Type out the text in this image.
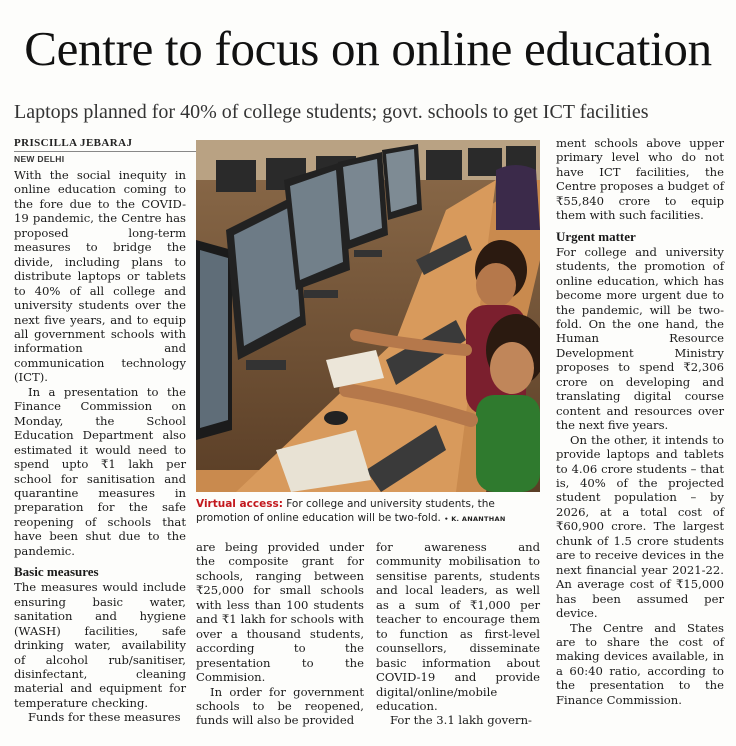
Centre to focus on online education
Laptops planned for 40% of college students; govt. schools to get ICT facilities
PRISCILLA JEBARAJ
NEW DELHI

With the social inequity in online education coming to the fore due to the COVID-19 pandemic, the Centre has proposed long-term measures to bridge the divide, including plans to distribute laptops or tablets to 40% of all college and university students over the next five years, and to equip all government schools with information and communication technology (ICT).

In a presentation to the Finance Commission on Monday, the School Education Department also estimated it would need to spend upto ₹1 lakh per school for sanitisation and quarantine measures in preparation for the safe reopening of schools that have been shut due to the pandemic.

Basic measures

The measures would include ensuring basic water, sanitation and hygiene (WASH) facilities, safe drinking water, availability of alcohol rub/sanitiser, disinfectant, cleaning material and equipment for temperature checking.

Funds for these measures

Virtual access: For college and university students, the promotion of online education will be two-fold. • K. ANANTHAN

are being provided under the composite grant for schools, ranging between ₹25,000 for small schools with less than 100 students and ₹1 lakh for schools with over a thousand students, according to the presentation to the Commision.

In order for government schools to be reopened, funds will also be provided

for awareness and community mobilisation to sensitise parents, students and local leaders, as well as a sum of ₹1,000 per teacher to encourage them to function as first-level counsellors, disseminate basic information about COVID-19 and provide digital/online/mobile education.

For the 3.1 lakh govern-

ment schools above upper primary level who do not have ICT facilities, the Centre proposes a budget of ₹55,840 crore to equip them with such facilities.

Urgent matter

For college and university students, the promotion of online education, which has become more urgent due to the pandemic, will be two-fold. On the one hand, the Human Resource Development Ministry proposes to spend ₹2,306 crore on developing and translating digital course content and resources over the next five years.

On the other, it intends to provide laptops and tablets to 4.06 crore students – that is, 40% of the projected student population – by 2026, at a total cost of ₹60,900 crore. The largest chunk of 1.5 crore students are to receive devices in the next financial year 2021-22. An average cost of ₹15,000 has been assumed per device.

The Centre and States are to share the cost of making devices available, in a 60:40 ratio, according to the presentation to the Finance Commission.
